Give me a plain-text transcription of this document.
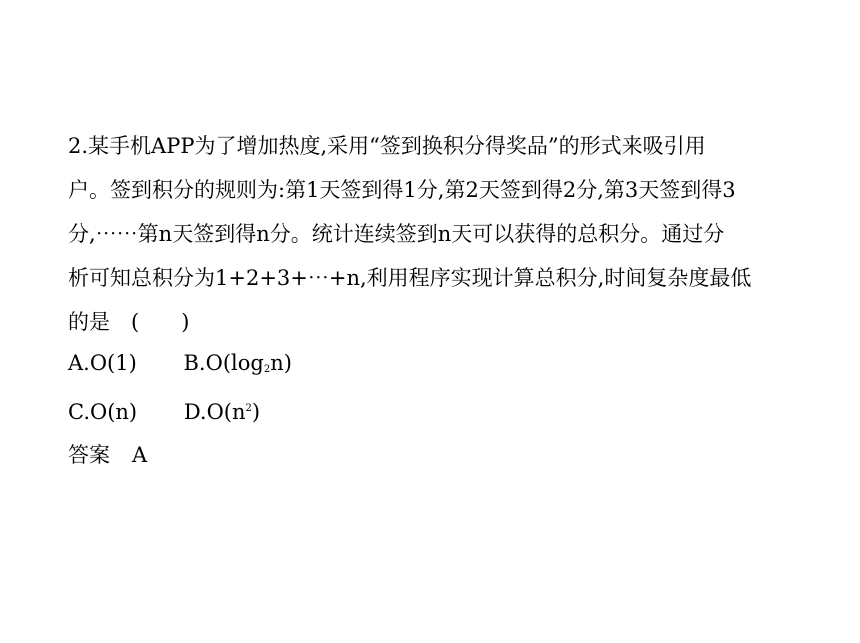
2.某手机APP为了增加热度,采用“签到换积分得奖品”的形式来吸引用
户。签到积分的规则为:第1天签到得1分,第2天签到得2分,第3天签到得3
分,⋯⋯第n天签到得n分。统计连续签到n天可以获得的总积分。通过分
析可知总积分为1+2+3+⋯+n,利用程序实现计算总积分,时间复杂度最低
的是　(　　)
A.O(1) $B.O(\log_2n)$
C.O(n) $D.O(n^2)$
答案 A
